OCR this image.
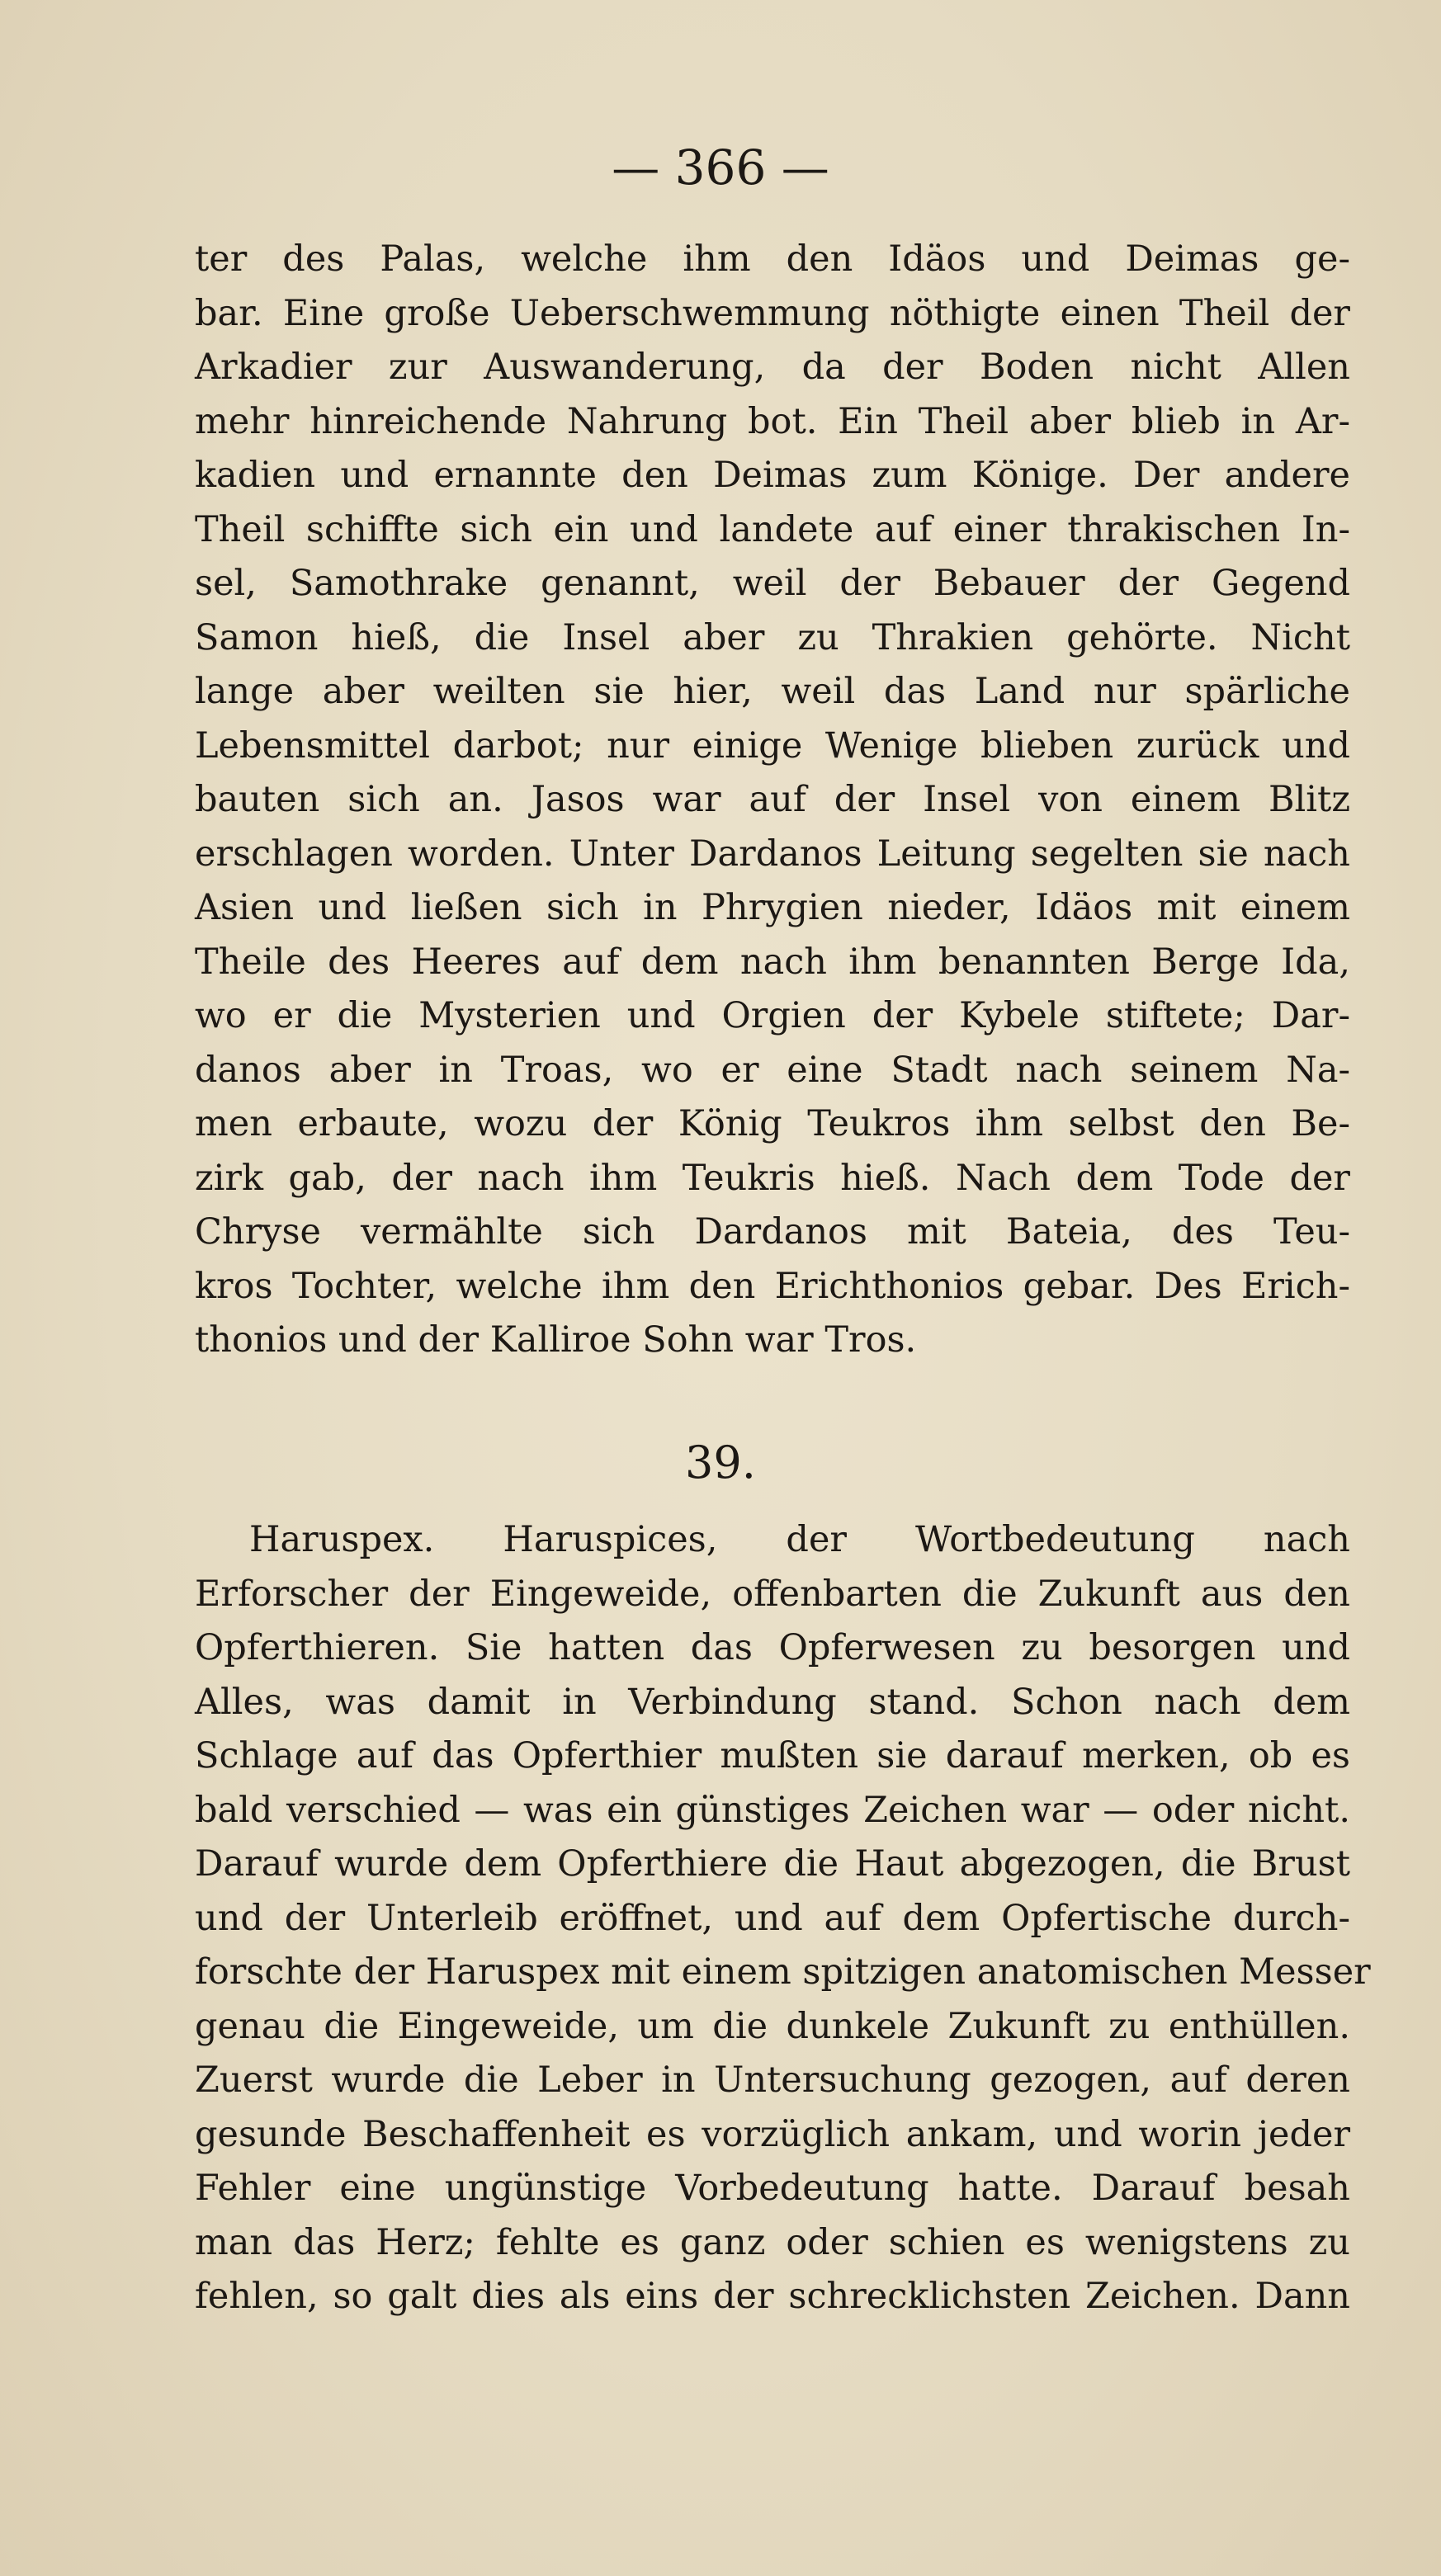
— 366 —
ter des Palas, welche ihm den Idäos und Deimas ge-
bar. Eine große Ueberschwemmung nöthigte einen Theil der
Arkadier zur Auswanderung, da der Boden nicht Allen
mehr hinreichende Nahrung bot. Ein Theil aber blieb in Ar-
kadien und ernannte den Deimas zum Könige. Der andere
Theil schiffte sich ein und landete auf einer thrakischen In-
sel, Samothrake genannt, weil der Bebauer der Gegend
Samon hieß, die Insel aber zu Thrakien gehörte. Nicht
lange aber weilten sie hier, weil das Land nur spärliche
Lebensmittel darbot; nur einige Wenige blieben zurück und
bauten sich an. Jasos war auf der Insel von einem Blitz
erschlagen worden. Unter Dardanos Leitung segelten sie nach
Asien und ließen sich in Phrygien nieder, Idäos mit einem
Theile des Heeres auf dem nach ihm benannten Berge Ida,
wo er die Mysterien und Orgien der Kybele stiftete; Dar-
danos aber in Troas, wo er eine Stadt nach seinem Na-
men erbaute, wozu der König Teukros ihm selbst den Be-
zirk gab, der nach ihm Teukris hieß. Nach dem Tode der
Chryse vermählte sich Dardanos mit Bateia, des Teu-
kros Tochter, welche ihm den Erichthonios gebar. Des Erich-
thonios und der Kalliroe Sohn war Tros.
39.
Haruspex. Haruspices, der Wortbedeutung nach
Erforscher der Eingeweide, offenbarten die Zukunft aus den
Opferthieren. Sie hatten das Opferwesen zu besorgen und
Alles, was damit in Verbindung stand. Schon nach dem
Schlage auf das Opferthier mußten sie darauf merken, ob es
bald verschied — was ein günstiges Zeichen war — oder nicht.
Darauf wurde dem Opferthiere die Haut abgezogen, die Brust
und der Unterleib eröffnet, und auf dem Opfertische durch-
forschte der Haruspex mit einem spitzigen anatomischen Messer
genau die Eingeweide, um die dunkele Zukunft zu enthüllen.
Zuerst wurde die Leber in Untersuchung gezogen, auf deren
gesunde Beschaffenheit es vorzüglich ankam, und worin jeder
Fehler eine ungünstige Vorbedeutung hatte. Darauf besah
man das Herz; fehlte es ganz oder schien es wenigstens zu
fehlen, so galt dies als eins der schrecklichsten Zeichen. Dann
